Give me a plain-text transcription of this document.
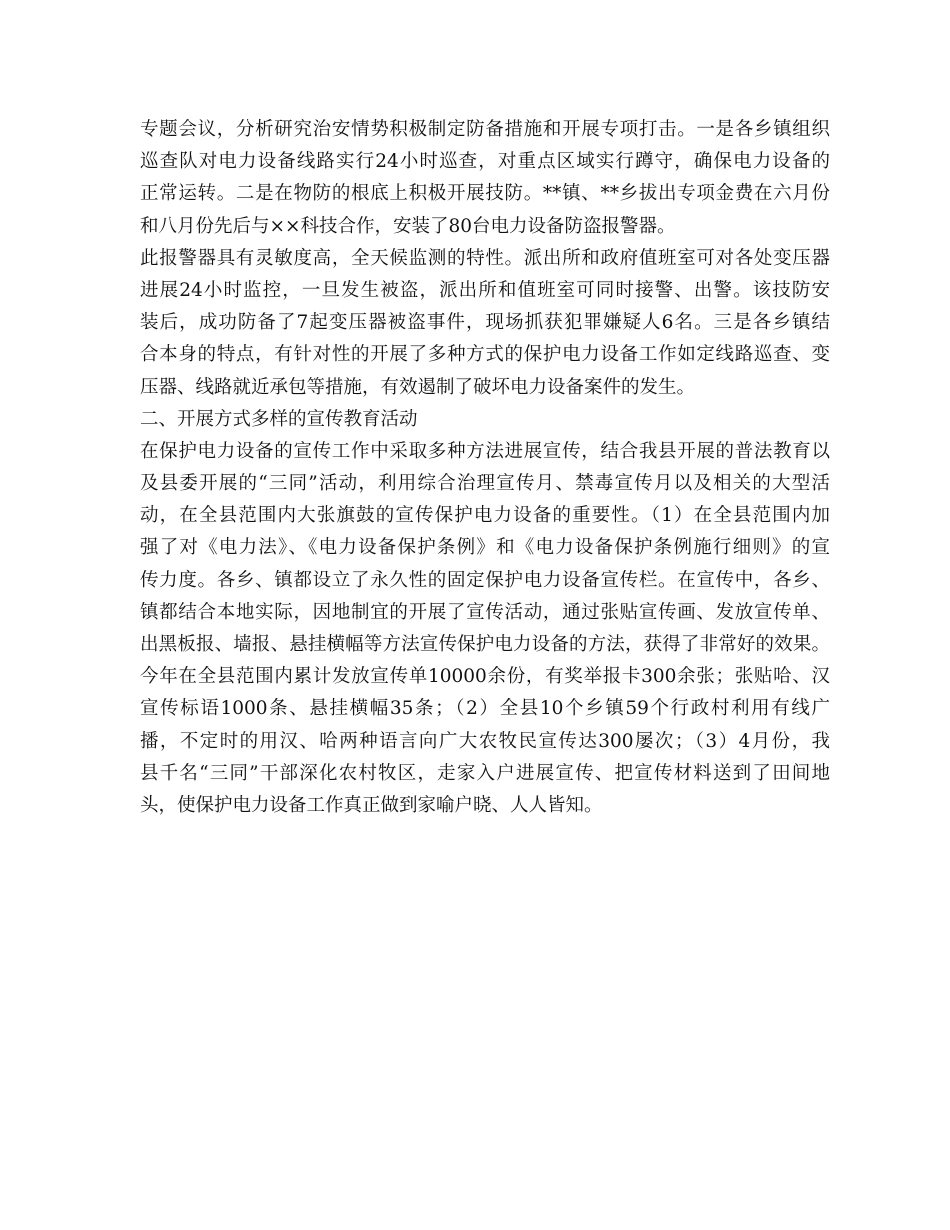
专题会议，分析研究治安情势积极制定防备措施和开展专项打击。一是各乡镇组织
巡查队对电力设备线路实行24小时巡查，对重点区域实行蹲守，确保电力设备的
正常运转。二是在物防的根底上积极开展技防。**镇、**乡拔出专项金费在六月份
和八月份先后与××科技合作，安装了80台电力设备防盗报警器。
此报警器具有灵敏度高，全天候监测的特性。派出所和政府值班室可对各处变压器
进展24小时监控，一旦发生被盗，派出所和值班室可同时接警、出警。该技防安
装后，成功防备了7起变压器被盗事件，现场抓获犯罪嫌疑人6名。三是各乡镇结
合本身的特点，有针对性的开展了多种方式的保护电力设备工作如定线路巡查、变
压器、线路就近承包等措施，有效遏制了破坏电力设备案件的发生。
二、开展方式多样的宣传教育活动
在保护电力设备的宣传工作中采取多种方法进展宣传，结合我县开展的普法教育以
及县委开展的“三同”活动，利用综合治理宣传月、禁毒宣传月以及相关的大型活
动，在全县范围内大张旗鼓的宣传保护电力设备的重要性。（1）在全县范围内加
强了对《电力法》、《电力设备保护条例》和《电力设备保护条例施行细则》的宣
传力度。各乡、镇都设立了永久性的固定保护电力设备宣传栏。在宣传中，各乡、
镇都结合本地实际，因地制宜的开展了宣传活动，通过张贴宣传画、发放宣传单、
出黑板报、墙报、悬挂横幅等方法宣传保护电力设备的方法，获得了非常好的效果。
今年在全县范围内累计发放宣传单10000余份，有奖举报卡300余张；张贴哈、汉
宣传标语1000条、悬挂横幅35条；（2）全县10个乡镇59个行政村利用有线广
播，不定时的用汉、哈两种语言向广大农牧民宣传达300屡次；（3）4月份，我
县千名“三同”干部深化农村牧区，走家入户进展宣传、把宣传材料送到了田间地
头，使保护电力设备工作真正做到家喻户晓、人人皆知。
